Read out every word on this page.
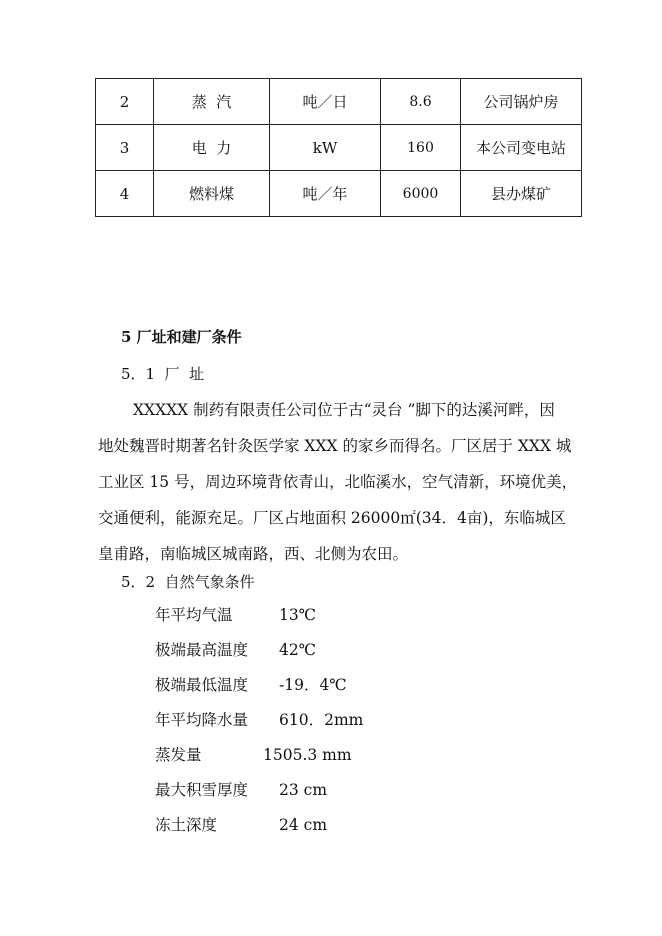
2	蒸  汽	吨／日	8.6	公司锅炉房
3	电  力	kW	160	本公司变电站
4	燃料煤	吨／年	6000	县办煤矿
5 厂址和建厂条件
5．1  厂  址
XXXXX 制药有限责任公司位于古“灵台 ”脚下的达溪河畔，因
地处魏晋时期著名针灸医学家 XXX 的家乡而得名。厂区居于 XXX 城
工业区 15 号，周边环境背依青山，北临溪水，空气清新，环境优美，
交通便利，能源充足。厂区占地面积 26000㎡(34．4亩)，东临城区
皇甫路，南临城区城南路，西、北侧为农田。
5．2  自然气象条件
年平均气温	13℃
极端最高温度 42℃
极端最低温度 -19．4℃
年平均降水量 610．2mm
蒸发量	1505.3 mm
最大积雪厚度 23 cm
冻土深度	24 cm
